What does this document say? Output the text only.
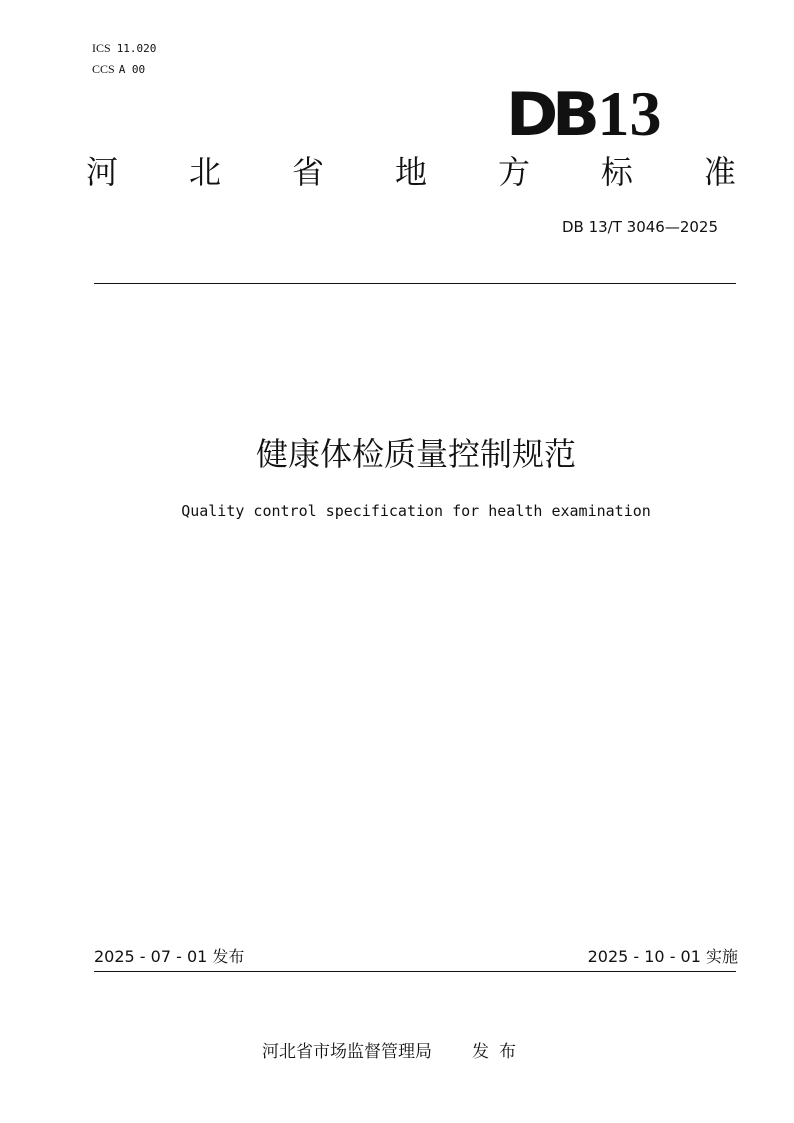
ICS 11.020
CCS A 00
DB13
河 北 省 地 方 标 准
DB 13/T 3046—2025
健康体检质量控制规范
Quality control specification for health examination
2025 - 07 - 01 发布	2025 - 10 - 01 实施
河北省市场监督管理局 发布
